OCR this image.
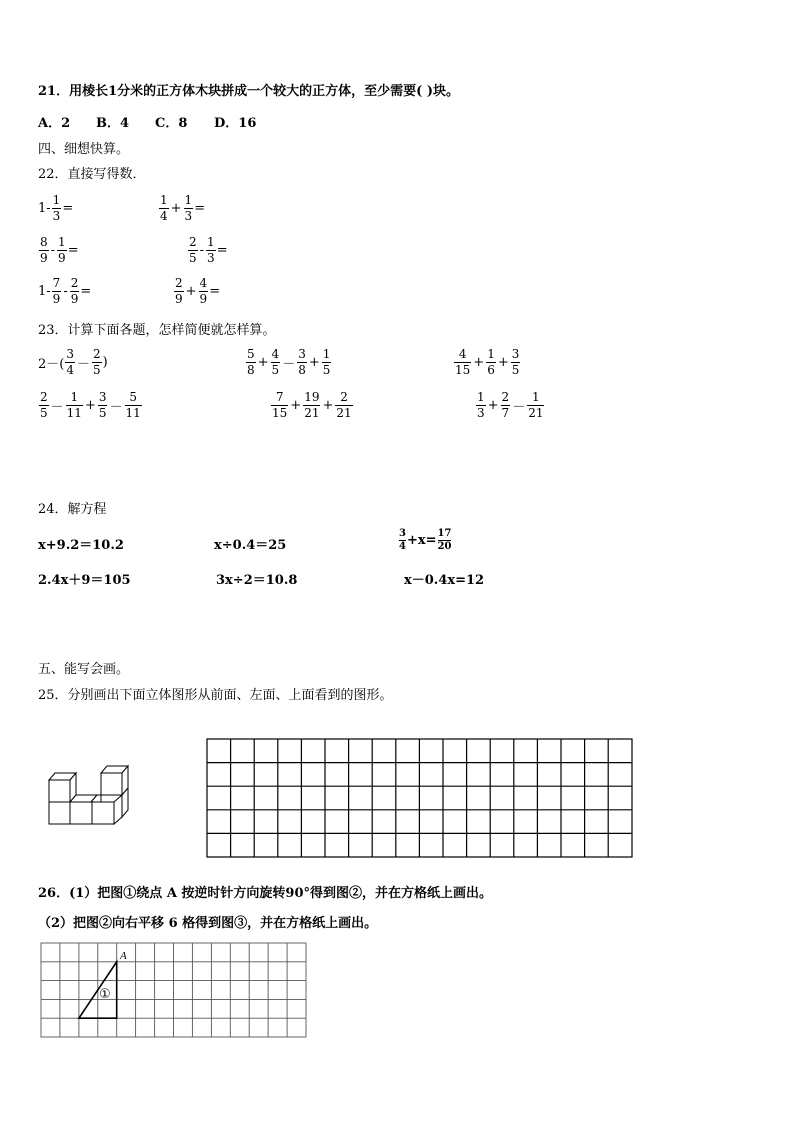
21．用棱长1分米的正方体木块拼成一个较大的正方体，至少需要( )块。
A．2 B．4 C．8 D．16
四、细想快算。
22．直接写得数．
$1- \frac{1}{3}$ =
1
$4 + \frac{1}{3}$ =
8
$9 - \frac{1}{9}$ =
2
$5 - \frac{1}{3}$ =
1-
7
$9 - \frac{2}{9}$ =
2
$9 + \frac{4}{9}$ =
23．计算下面各题，怎样简便就怎样算。
2－(
3
4 －
2
5 )
5
$8 + \frac{4}{5}$ －
3
$8 + \frac{1}{5}$	4
$15 + \frac{1}{6} + \frac{3}{5}$
2
5 －
1
$11 + \frac{3}{5}$ －
5
11
7
$15 + \frac{19}{21} + \frac{2}{21}$	1
$3 + \frac{2}{7}$ －
1
21
24．解方程
x+9.2＝10.2	x÷0.4＝25
3
$4 +x= \frac{17}{20}$
2.4x＋9＝105	3x÷2＝10.8	x－0.4x=12
五、能写会画。
25．分别画出下面立体图形从前面、左面、上面看到的图形。
26．(1）把图①绕点 A 按逆时针方向旋转90°得到图②，并在方格纸上画出。
（2）把图②向右平移 6 格得到图③，并在方格纸上画出。
A
①
